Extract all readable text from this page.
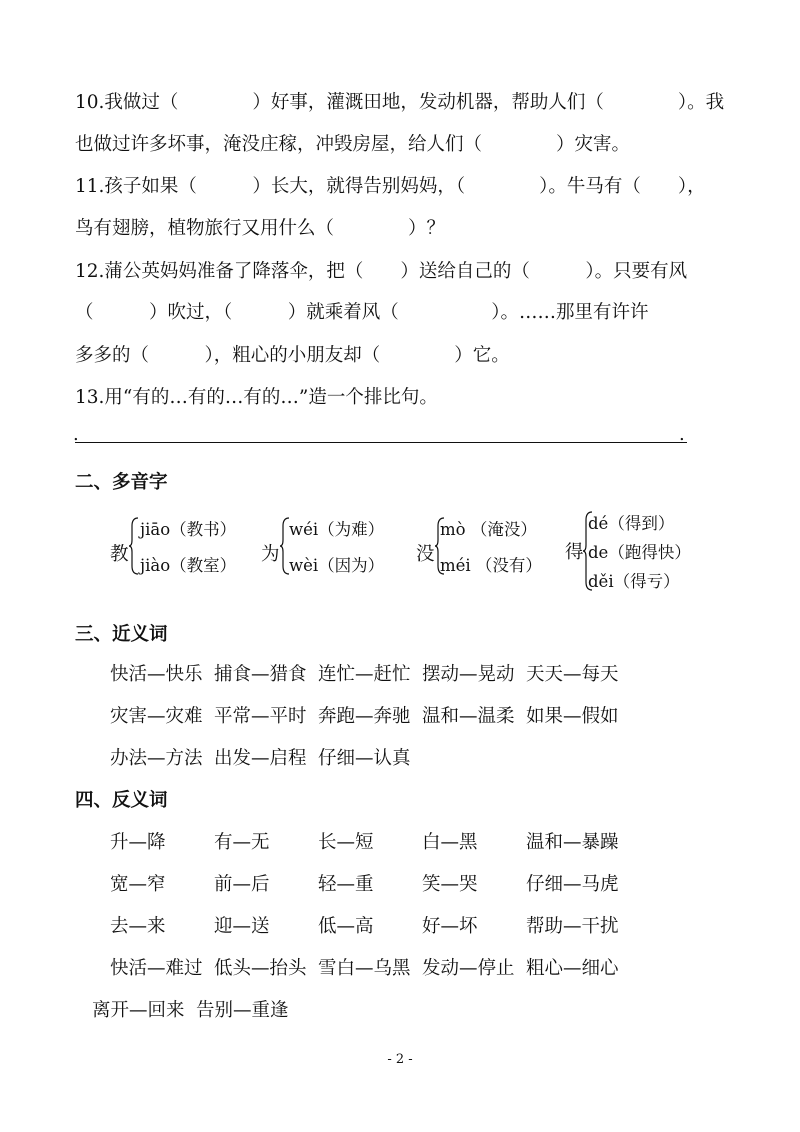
10.我做过（　　　　）好事，灌溉田地，发动机器，帮助人们（　　　　）。我
也做过许多坏事，淹没庄稼，冲毁房屋，给人们（　　　　）灾害。
11.孩子如果（　　　）长大，就得告别妈妈，（　　　　）。牛马有（　　），
鸟有翅膀，植物旅行又用什么（　　　　）？
12.蒲公英妈妈准备了降落伞，把（　　）送给自己的（　　　）。只要有风
（　　　）吹过，（　　　）就乘着风（　　　　　）。……那里有许许
多多的（　　　），粗心的小朋友却（　　　　）它。
13.用“有的…有的…有的…”造一个排比句。
.	.
二、多音字
教
jiāo（教书）
jiào（教室）
为
wéi（为难）
wèi（因为）
没
mò （淹没）
méi （没有）
得
dé（得到）
de（跑得快）
děi（得亏）
三、近义词
快活—快乐 捕食—猎食 连忙—赶忙 摆动—晃动 天天—每天
灾害—灾难 平常—平时 奔跑—奔驰 温和—温柔 如果—假如
办法—方法 出发—启程 仔细—认真
四、反义词
升—降	有—无	长—短	白—黑	温和—暴躁
宽—窄	前—后	轻—重	笑—哭	仔细—马虎
去—来	迎—送	低—高	好—坏	帮助—干扰
快活—难过 低头—抬头 雪白—乌黑 发动—停止 粗心—细心
离开—回来 告别—重逢
- 2 -
